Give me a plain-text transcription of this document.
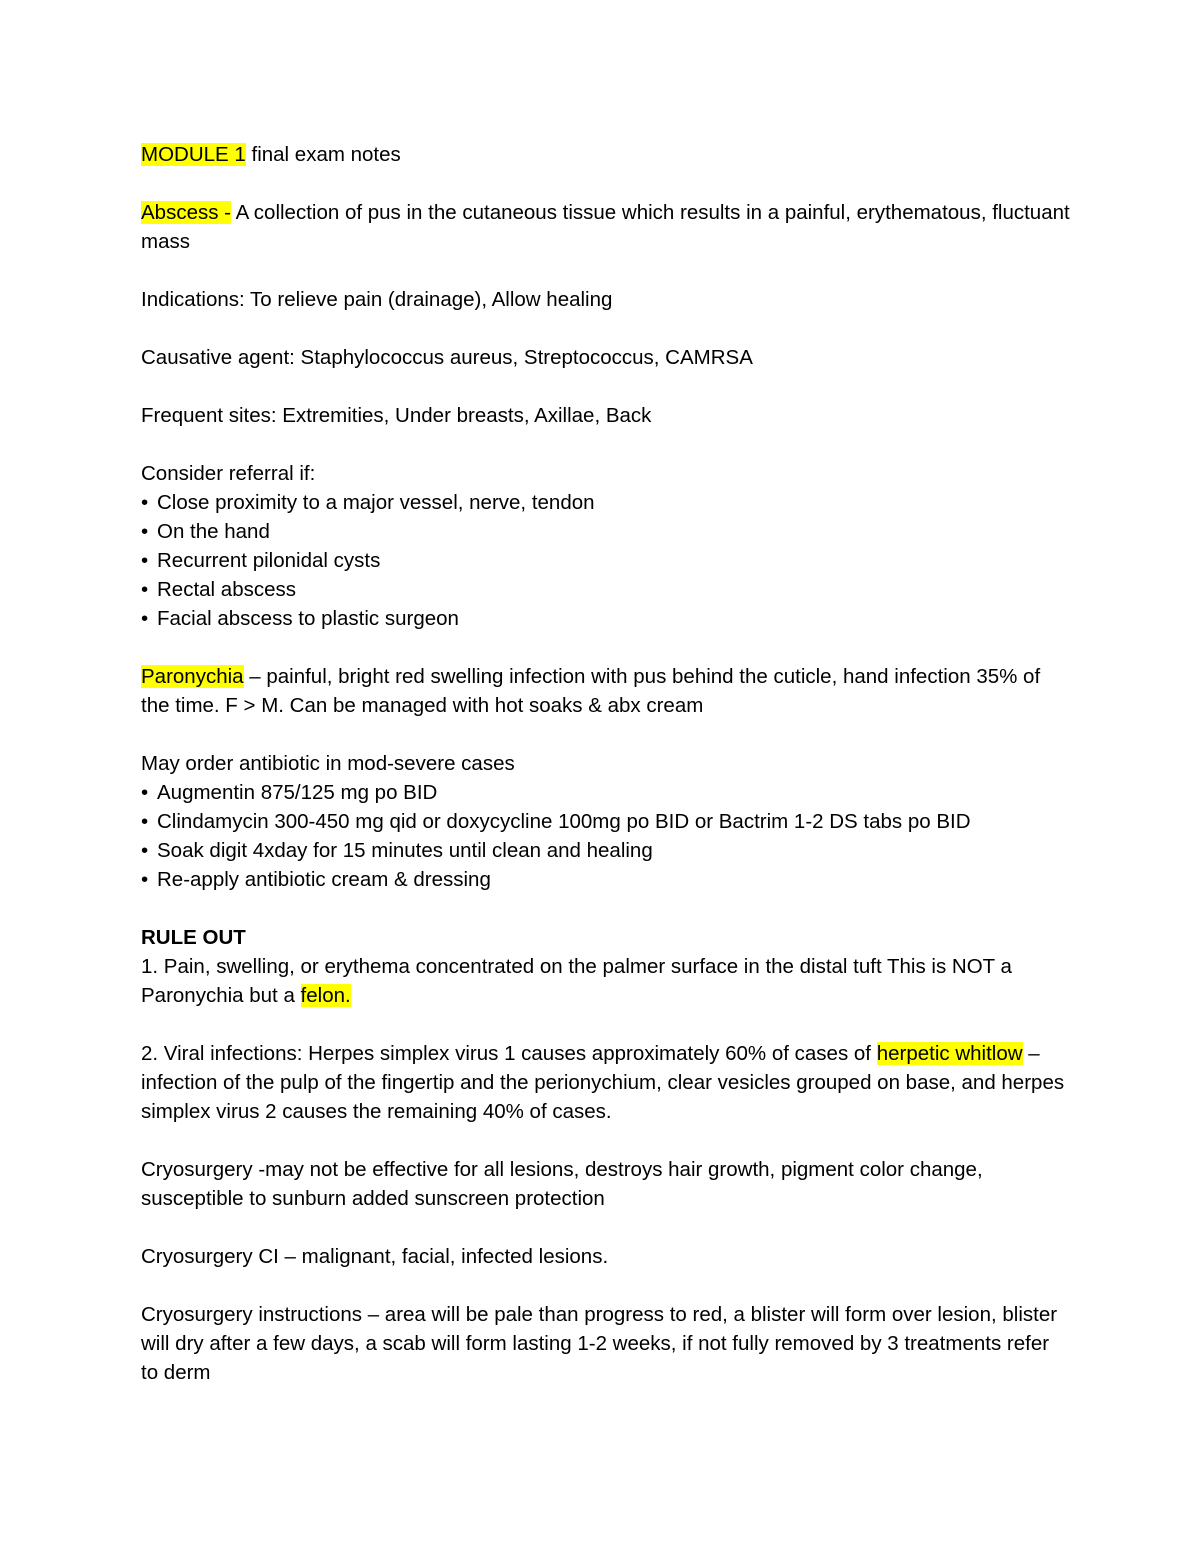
MODULE 1 final exam notes

Abscess - A collection of pus in the cutaneous tissue which results in a painful, erythematous, fluctuant mass

Indications: To relieve pain (drainage), Allow healing

Causative agent: Staphylococcus aureus, Streptococcus, CAMRSA

Frequent sites: Extremities, Under breasts, Axillae, Back

Consider referral if:
• Close proximity to a major vessel, nerve, tendon
• On the hand
• Recurrent pilonidal cysts
• Rectal abscess
• Facial abscess to plastic surgeon

Paronychia – painful, bright red swelling infection with pus behind the cuticle, hand infection 35% of the time. F > M. Can be managed with hot soaks & abx cream

May order antibiotic in mod-severe cases
• Augmentin 875/125 mg po BID
• Clindamycin 300-450 mg qid or doxycycline 100mg po BID or Bactrim 1-2 DS tabs po BID
• Soak digit 4xday for 15 minutes until clean and healing
• Re-apply antibiotic cream & dressing
RULE OUT

1. Pain, swelling, or erythema concentrated on the palmer surface in the distal tuft This is NOT a Paronychia but a felon.

2. Viral infections: Herpes simplex virus 1 causes approximately 60% of cases of herpetic whitlow – infection of the pulp of the fingertip and the perionychium, clear vesicles grouped on base, and herpes simplex virus 2 causes the remaining 40% of cases.

Cryosurgery -may not be effective for all lesions, destroys hair growth, pigment color change, susceptible to sunburn added sunscreen protection

Cryosurgery CI – malignant, facial, infected lesions.

Cryosurgery instructions – area will be pale than progress to red, a blister will form over lesion, blister will dry after a few days, a scab will form lasting 1-2 weeks, if not fully removed by 3 treatments refer to derm
